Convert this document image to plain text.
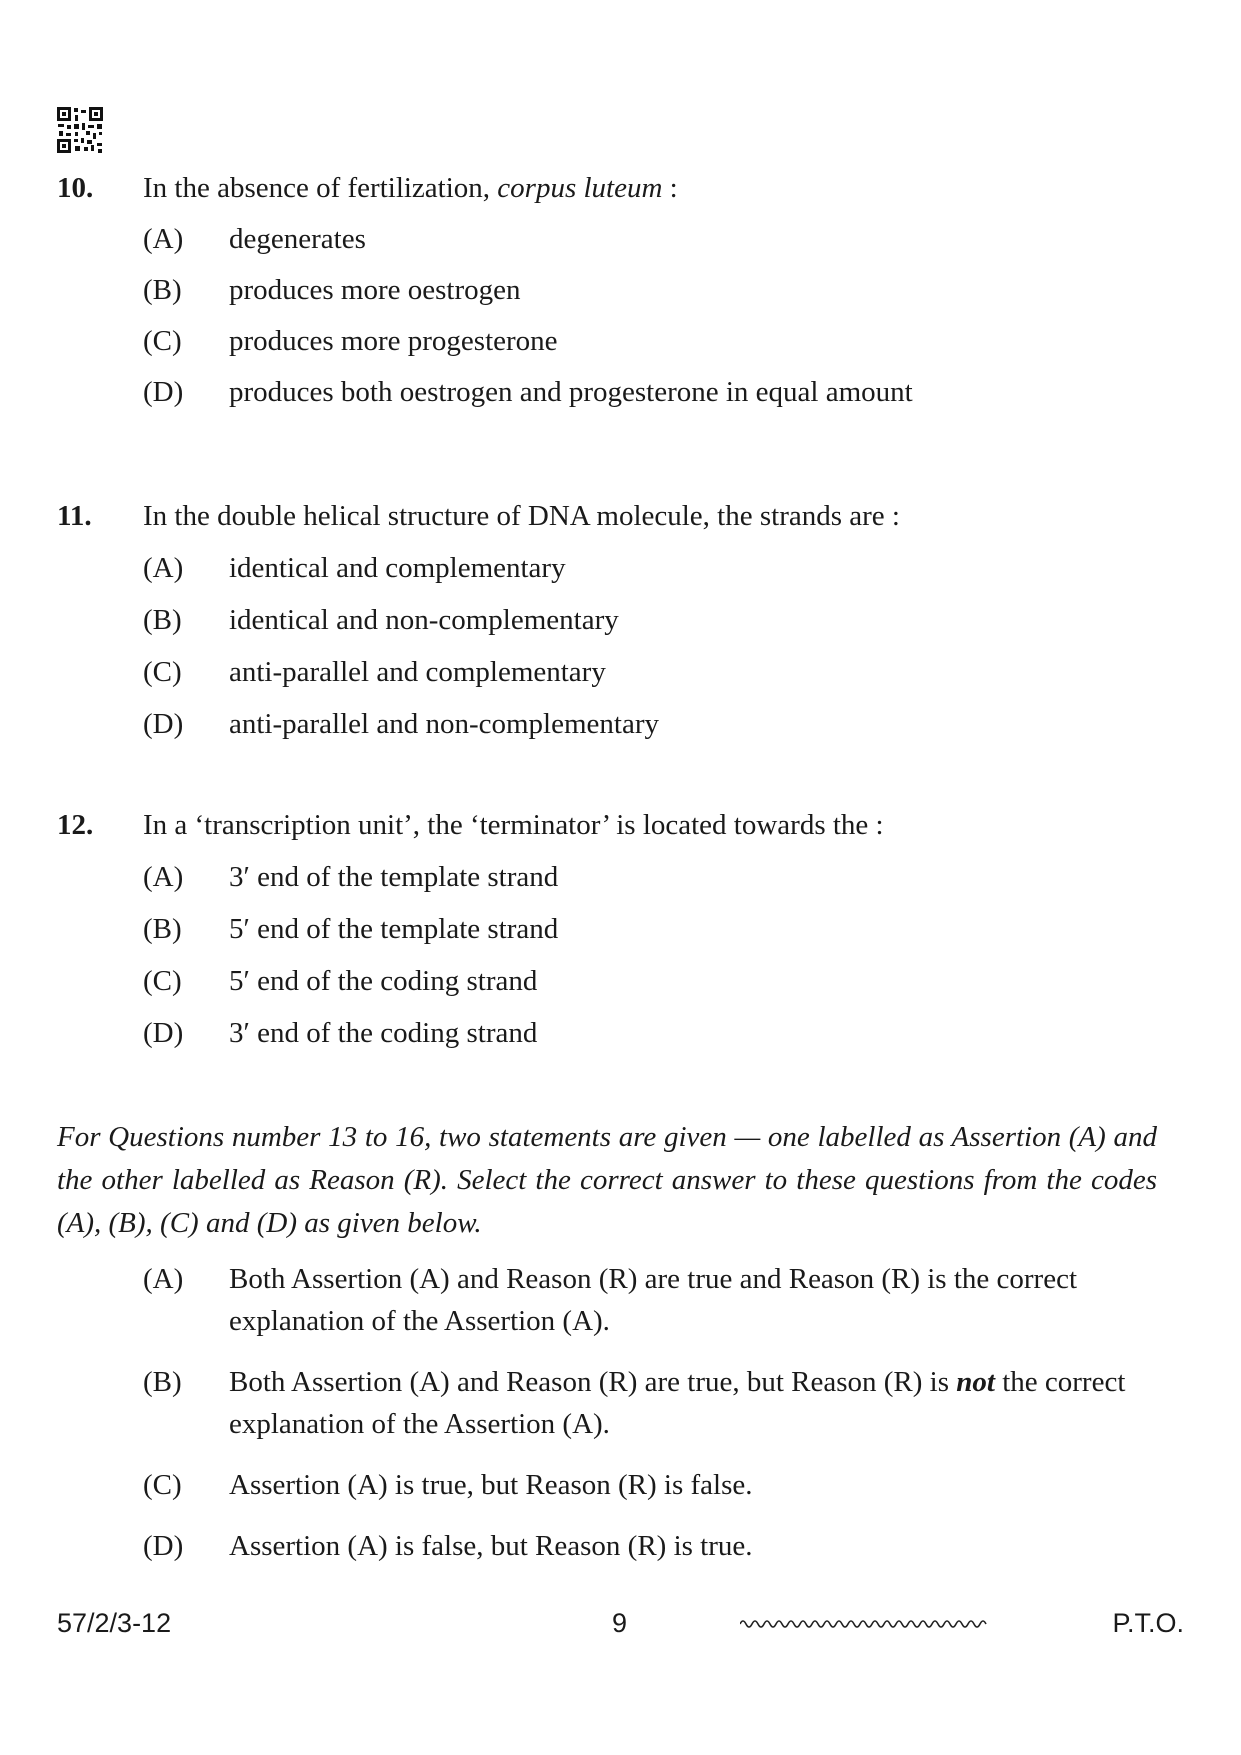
10.	In the absence of fertilization, corpus luteum :
(A)	degenerates
(B)	produces more oestrogen
(C)	produces more progesterone
(D)	produces both oestrogen and progesterone in equal amount
11.	In the double helical structure of DNA molecule, the strands are :
(A)	identical and complementary
(B)	identical and non-complementary
(C)	anti-parallel and complementary
(D)	anti-parallel and non-complementary
12.	In a ‘transcription unit’, the ‘terminator’ is located towards the :
(A)	3′ end of the template strand
(B)	5′ end of the template strand
(C)	5′ end of the coding strand
(D)	3′ end of the coding strand
For Questions number 13 to 16, two statements are given — one labelled as Assertion (A) and the other labelled as Reason (R). Select the correct answer to these questions from the codes (A), (B), (C) and (D) as given below.
(A)	Both Assertion (A) and Reason (R) are true and Reason (R) is the correct explanation of the Assertion (A).
(B)	Both Assertion (A) and Reason (R) are true, but Reason (R) is not the correct explanation of the Assertion (A).
(C)	Assertion (A) is true, but Reason (R) is false.
(D)	Assertion (A) is false, but Reason (R) is true.
57/2/3-12	9	P.T.O.
